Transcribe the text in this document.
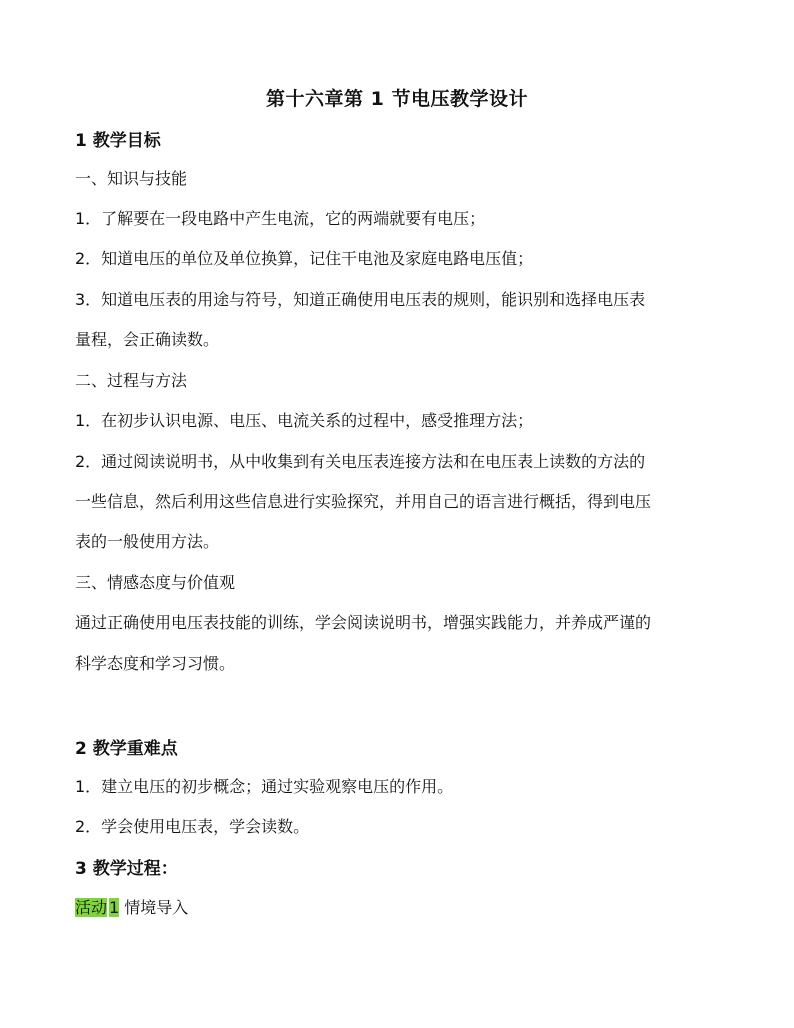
第十六章第 1 节电压教学设计
1 教学目标
一、知识与技能
1．了解要在一段电路中产生电流，它的两端就要有电压；
2．知道电压的单位及单位换算，记住干电池及家庭电路电压值；
3．知道电压表的用途与符号，知道正确使用电压表的规则，能识别和选择电压表
量程，会正确读数。
二、过程与方法
1．在初步认识电源、电压、电流关系的过程中，感受推理方法；
2．通过阅读说明书，从中收集到有关电压表连接方法和在电压表上读数的方法的
一些信息，然后利用这些信息进行实验探究，并用自己的语言进行概括，得到电压
表的一般使用方法。
三、情感态度与价值观
通过正确使用电压表技能的训练，学会阅读说明书，增强实践能力，并养成严谨的
科学态度和学习习惯。
2 教学重难点
1．建立电压的初步概念；通过实验观察电压的作用。
2．学会使用电压表，学会读数。
3 教学过程：
活动 1 情境导入
